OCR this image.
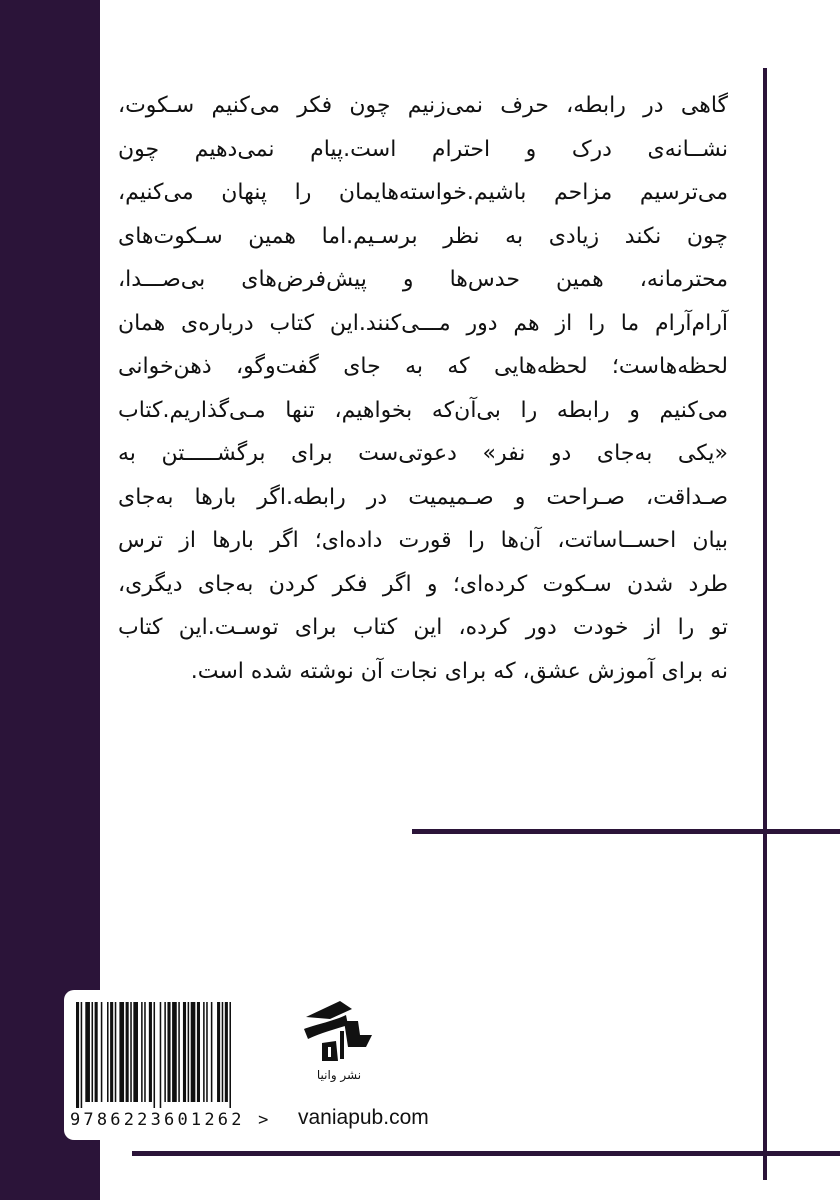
گاهی در رابطه، حرف نمی‌زنیم چون فکر می‌کنیم سـکوت،
نشــانه‌ی درک و احترام است.پیام نمی‌دهیم چون
می‌ترسیم مزاحم باشیم.خواسته‌هایمان را پنهان می‌کنیم،
چون نکند زیادی به نظر برسـیم.اما همین سـکوت‌های
محترمانه، همین حدس‌ها و پیش‌فرض‌های بی‌صـــدا،
آرام‌آرام ما را از هم دور مـــی‌کنند.این کتاب درباره‌ی همان
لحظه‌هاست؛ لحظه‌هایی که به جای گفت‌وگو، ذهن‌خوانی
می‌کنیم و رابطه را بی‌آن‌که بخواهیم، تنها مـی‌گذاریم.کتاب
«یکی به‌جای دو نفر» دعوتی‌ست برای برگشـــــتن به
صـداقت، صـراحت و صـمیمیت در رابطه.اگر بارها به‌جای
بیان احســاساتت، آن‌ها را قورت داده‌ای؛ اگر بارها از ترس
طرد شدن سـکوت کرده‌ای؛ و اگر فکر کردن به‌جای دیگری،
تو را از خودت دور کرده، این کتاب برای توسـت.این کتاب
نه برای آموزش عشق، که برای نجات آن نوشته شده است.
9786223601262 >
نشر وانیا
vaniapub.com
